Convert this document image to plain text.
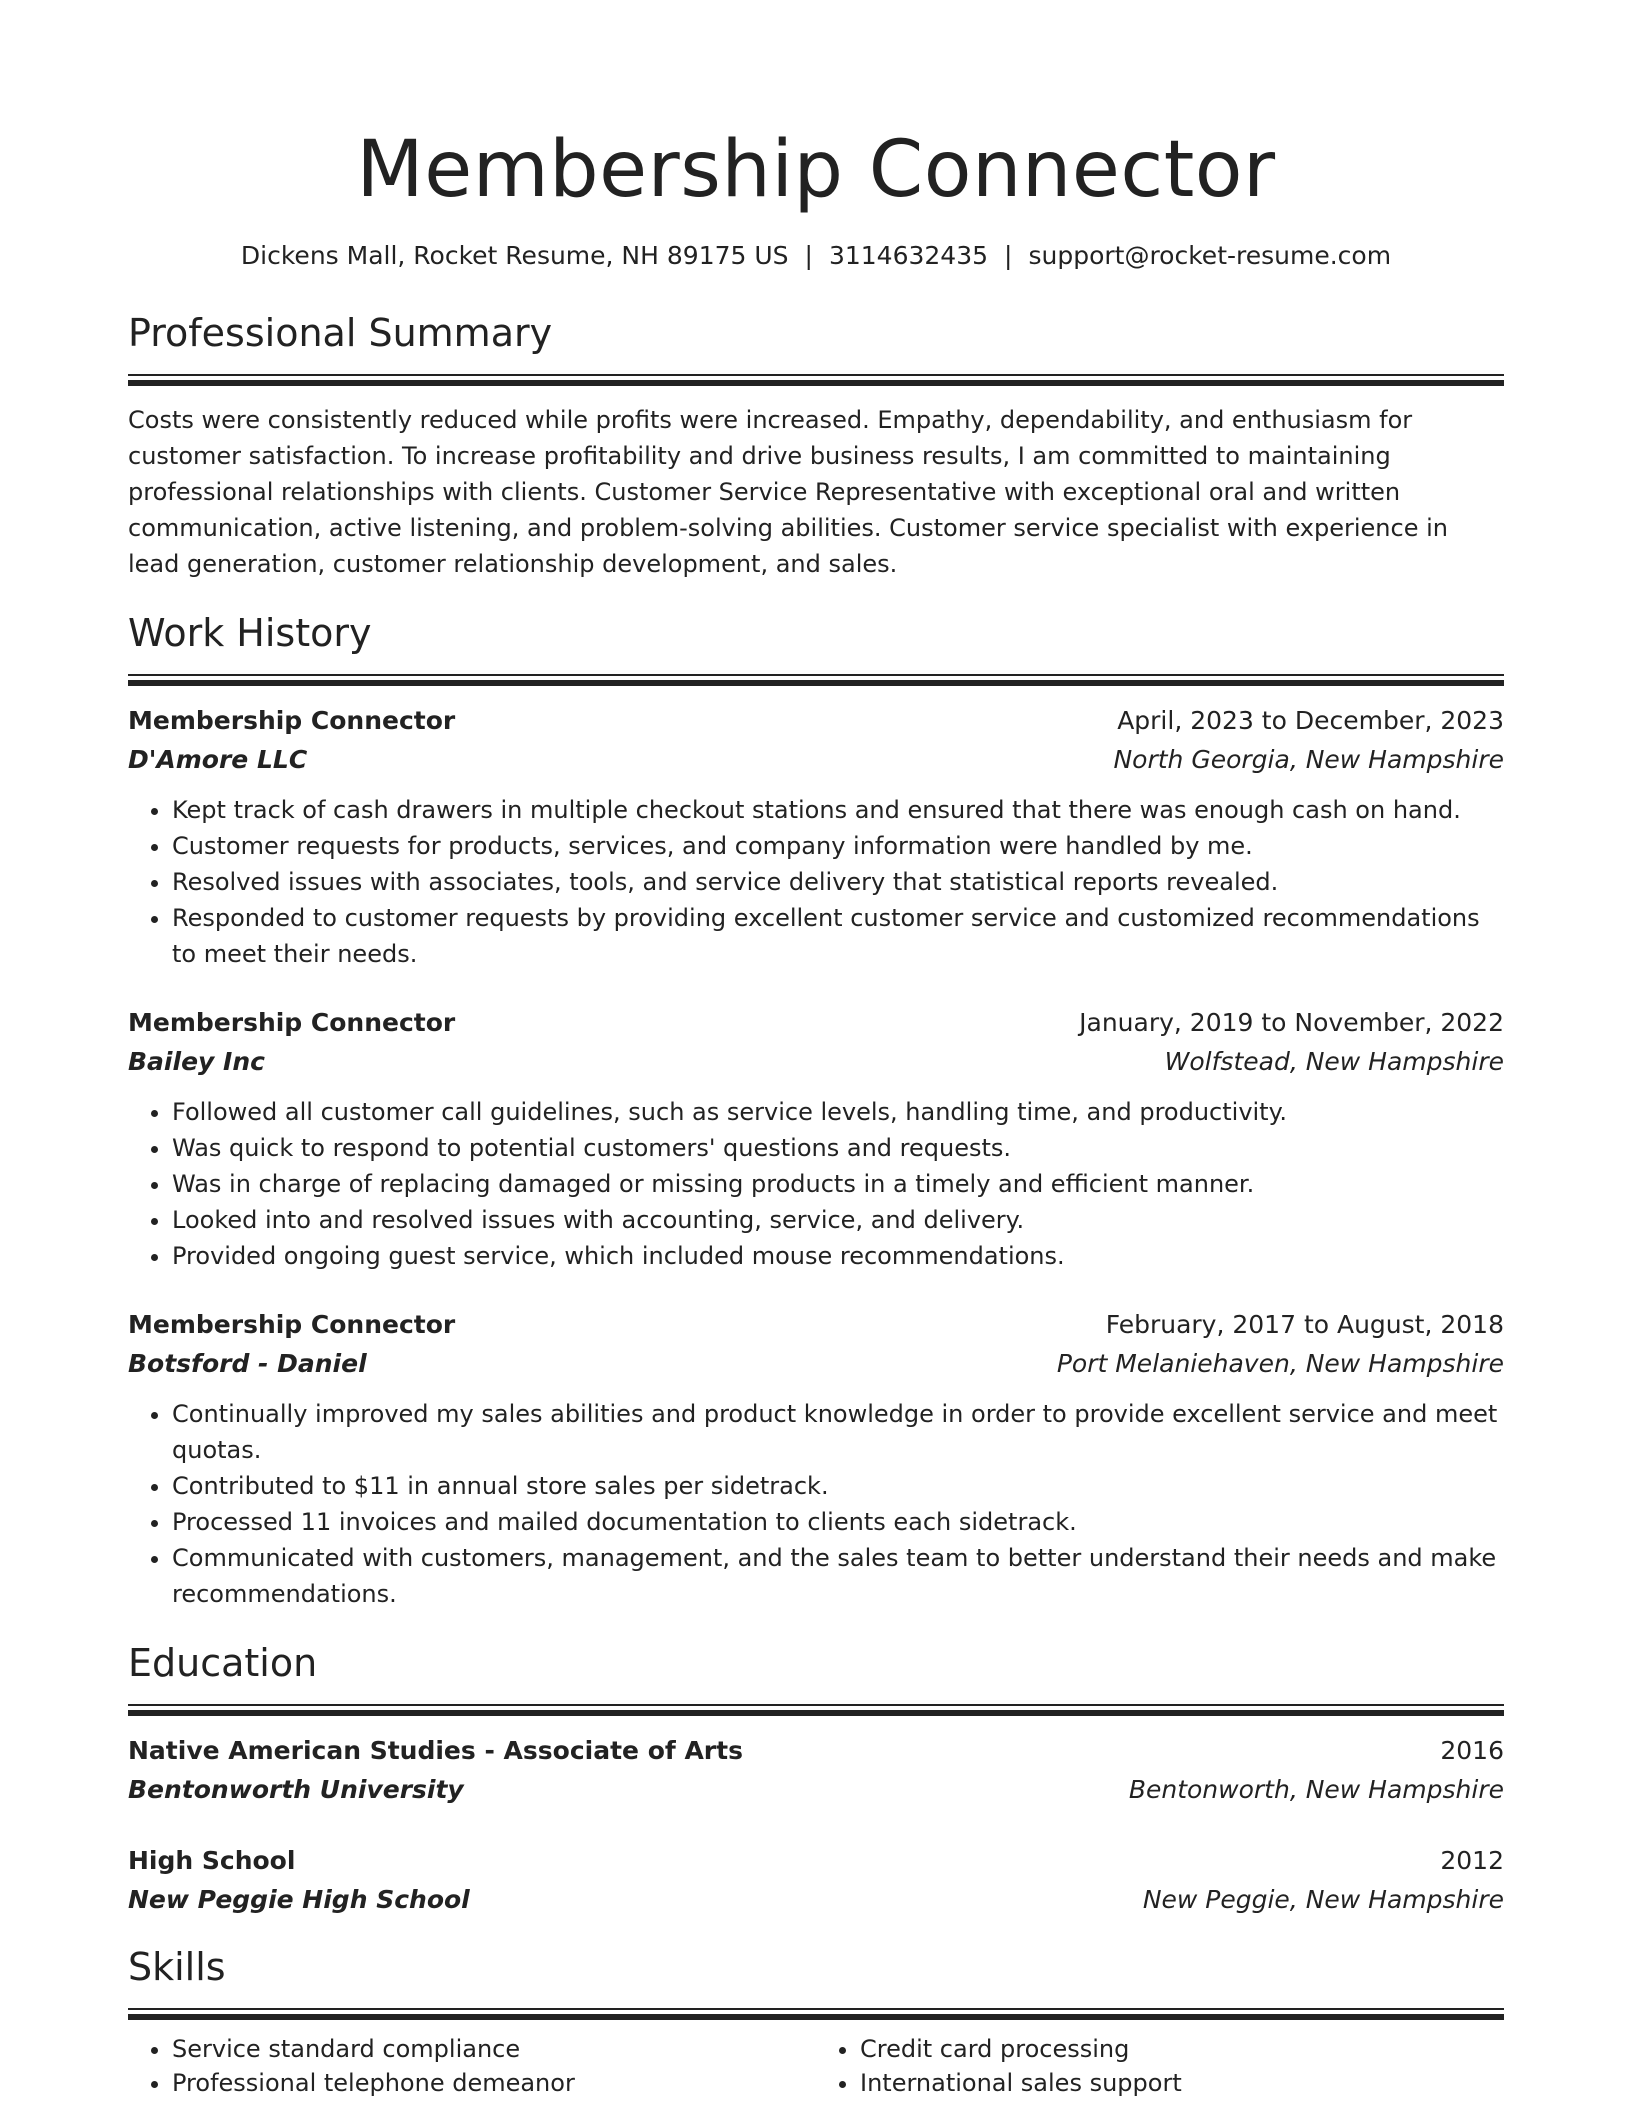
Membership Connector
Dickens Mall, Rocket Resume, NH 89175 US | 3114632435 | support@rocket-resume.com
Professional Summary
Costs were consistently reduced while profits were increased. Empathy, dependability, and enthusiasm for customer satisfaction. To increase profitability and drive business results, I am committed to maintaining professional relationships with clients. Customer Service Representative with exceptional oral and written communication, active listening, and problem-solving abilities. Customer service specialist with experience in lead generation, customer relationship development, and sales.
Work History
Membership Connector	April, 2023 to December, 2023
D'Amore LLC	North Georgia, New Hampshire
• Kept track of cash drawers in multiple checkout stations and ensured that there was enough cash on hand.
• Customer requests for products, services, and company information were handled by me.
• Resolved issues with associates, tools, and service delivery that statistical reports revealed.
• Responded to customer requests by providing excellent customer service and customized recommendations to meet their needs.
Membership Connector	January, 2019 to November, 2022
Bailey Inc	Wolfstead, New Hampshire
• Followed all customer call guidelines, such as service levels, handling time, and productivity.
• Was quick to respond to potential customers' questions and requests.
• Was in charge of replacing damaged or missing products in a timely and efficient manner.
• Looked into and resolved issues with accounting, service, and delivery.
• Provided ongoing guest service, which included mouse recommendations.
Membership Connector	February, 2017 to August, 2018
Botsford - Daniel	Port Melaniehaven, New Hampshire
• Continually improved my sales abilities and product knowledge in order to provide excellent service and meet quotas.
• Contributed to $11 in annual store sales per sidetrack.
• Processed 11 invoices and mailed documentation to clients each sidetrack.
• Communicated with customers, management, and the sales team to better understand their needs and make recommendations.
Education
Native American Studies - Associate of Arts	2016
Bentonworth University	Bentonworth, New Hampshire
High School	2012
New Peggie High School	New Peggie, New Hampshire
Skills
• Service standard compliance
• Professional telephone demeanor
• Credit card processing
• International sales support
